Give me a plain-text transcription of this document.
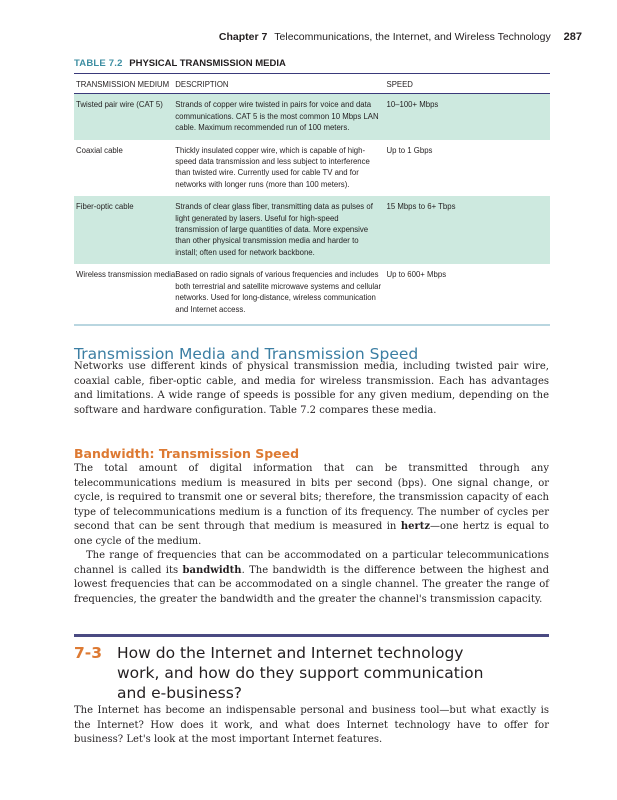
Chapter 7 Telecommunications, the Internet, and Wireless Technology 287
TABLE 7.2 PHYSICAL TRANSMISSION MEDIA
TRANSMISSION MEDIUM	DESCRIPTION	SPEED
Twisted pair wire (CAT 5)	Strands of copper wire twisted in pairs for voice and data communications. CAT 5 is the most common 10 Mbps LAN cable. Maximum recommended run of 100 meters.	10–100+ Mbps
Coaxial cable	Thickly insulated copper wire, which is capable of high-speed data transmission and less subject to interference than twisted wire. Currently used for cable TV and for networks with longer runs (more than 100 meters).	Up to 1 Gbps
Fiber-optic cable	Strands of clear glass fiber, transmitting data as pulses of light generated by lasers. Useful for high-speed transmission of large quantities of data. More expensive than other physical transmission media and harder to install; often used for network backbone.	15 Mbps to 6+ Tbps
Wireless transmission media	Based on radio signals of various frequencies and includes both terrestrial and satellite microwave systems and cellular networks. Used for long-distance, wireless communication and Internet access.	Up to 600+ Mbps
Transmission Media and Transmission Speed

Networks use different kinds of physical transmission media, including twisted pair wire, coaxial cable, fiber-optic cable, and media for wireless transmission. Each has advantages and limitations. A wide range of speeds is possible for any given medium, depending on the software and hardware configuration. Table 7.2 compares these media.

Bandwidth: Transmission Speed

The total amount of digital information that can be transmitted through any telecommunications medium is measured in bits per second (bps). One signal change, or cycle, is required to transmit one or several bits; therefore, the transmission capacity of each type of telecommunications medium is a function of its frequency. The number of cycles per second that can be sent through that medium is measured in hertz—one hertz is equal to one cycle of the medium.

The range of frequencies that can be accommodated on a particular telecommunications channel is called its bandwidth. The bandwidth is the difference between the highest and lowest frequencies that can be accommodated on a single channel. The greater the range of frequencies, the greater the bandwidth and the greater the channel's transmission capacity.

7-3 How do the Internet and Internet technology work, and how do they support communication and e-business?

The Internet has become an indispensable personal and business tool—but what exactly is the Internet? How does it work, and what does Internet technology have to offer for business? Let's look at the most important Internet features.
